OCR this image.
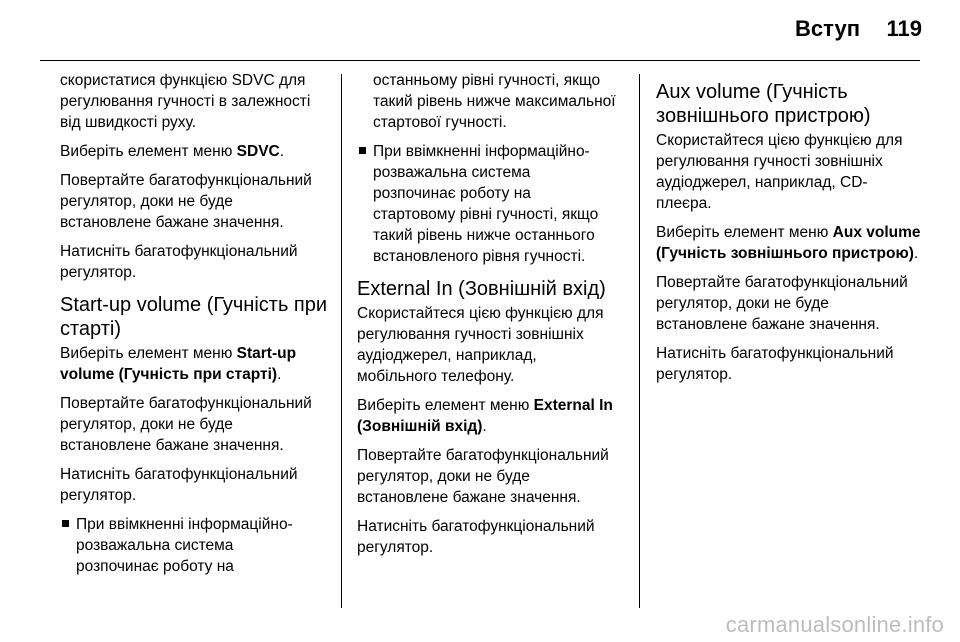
Вступ	119

скористатися функцією SDVC для
регулювання гучності в залежності
від швидкості руху.

Виберіть елемент меню SDVC.

Повертайте багатофункціональний
регулятор, доки не буде
встановлене бажане значення.

Натисніть багатофункціональний
регулятор.

Start-up volume (Гучність при
старті)

Виберіть елемент меню Start-up
volume (Гучність при старті).

Повертайте багатофункціональний
регулятор, доки не буде
встановлене бажане значення.

Натисніть багатофункціональний
регулятор.

При ввімкненні інформаційно-
розважальна система
розпочинає роботу на

останньому рівні гучності, якщо
такий рівень нижче максимальної
стартової гучності.

При ввімкненні інформаційно-
розважальна система
розпочинає роботу на
стартовому рівні гучності, якщо
такий рівень нижче останнього
встановленого рівня гучності.

External In (Зовнішній вхід)

Скористайтеся цією функцією для
регулювання гучності зовнішніх
аудіоджерел, наприклад,
мобільного телефону.

Виберіть елемент меню External In
(Зовнішній вхід).

Повертайте багатофункціональний
регулятор, доки не буде
встановлене бажане значення.

Натисніть багатофункціональний
регулятор.

Aux volume (Гучність
зовнішнього пристрою)

Скористайтеся цією функцією для
регулювання гучності зовнішніх
аудіоджерел, наприклад, CD-
плеєра.

Виберіть елемент меню Aux volume
(Гучність зовнішнього пристрою).

Повертайте багатофункціональний
регулятор, доки не буде
встановлене бажане значення.

Натисніть багатофункціональний
регулятор.

carmanualsonline.info
